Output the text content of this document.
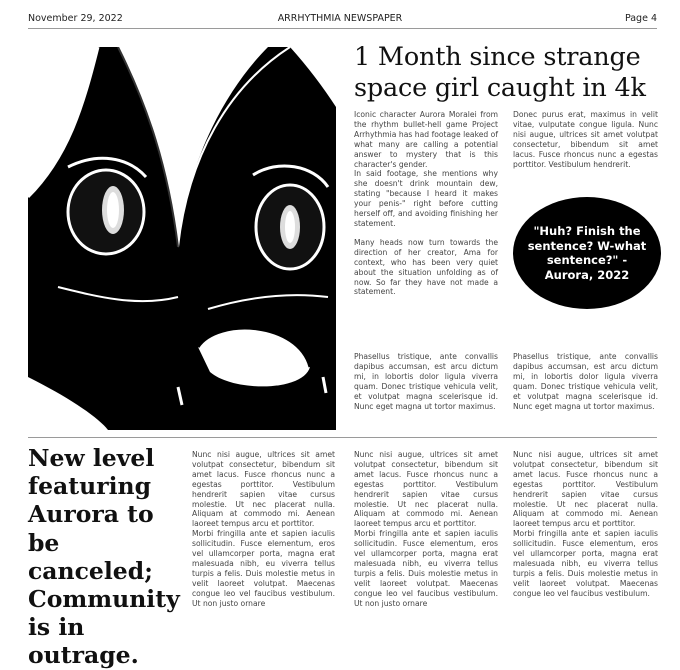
November 29, 2022	ARRHYTHMIA NEWSPAPER	Page 4
1 Month since strange space girl caught in 4k

Iconic character Aurora Moralei from the rhythm bullet-hell game Project Arrhythmia has had footage leaked of what many are calling a potential answer to mystery that is this character's gender.

In said footage, she mentions why she doesn't drink mountain dew, stating "because I heard it makes your penis-" right before cutting herself off, and avoiding finishing her statement.

Many heads now turn towards the direction of her creator, Ama for context, who has been very quiet about the situation unfolding as of now. So far they have not made a statement.

Donec purus erat, maximus in velit vitae, vulputate congue ligula. Nunc nisi augue, ultrices sit amet volutpat consectetur, bibendum sit amet lacus. Fusce rhoncus nunc a egestas porttitor. Vestibulum hendrerit.

"Huh? Finish the sentence? W-what sentence?" -Aurora, 2022

Phasellus tristique, ante convallis dapibus accumsan, est arcu dictum mi, in lobortis dolor ligula viverra quam. Donec tristique vehicula velit, et volutpat magna scelerisque id. Nunc eget magna ut tortor maximus.

Phasellus tristique, ante convallis dapibus accumsan, est arcu dictum mi, in lobortis dolor ligula viverra quam. Donec tristique vehicula velit, et volutpat magna scelerisque id. Nunc eget magna ut tortor maximus.

New level featuring Aurora to be canceled; Community is in outrage.

Nunc nisi augue, ultrices sit amet volutpat consectetur, bibendum sit amet lacus. Fusce rhoncus nunc a egestas porttitor. Vestibulum hendrerit sapien vitae cursus molestie. Ut nec placerat nulla. Aliquam at commodo mi. Aenean laoreet tempus arcu et porttitor.

Morbi fringilla ante et sapien iaculis sollicitudin. Fusce elementum, eros vel ullamcorper porta, magna erat malesuada nibh, eu viverra tellus turpis a felis. Duis molestie metus in velit laoreet volutpat. Maecenas congue leo vel faucibus vestibulum. Ut non justo ornare

Nunc nisi augue, ultrices sit amet volutpat consectetur, bibendum sit amet lacus. Fusce rhoncus nunc a egestas porttitor. Vestibulum hendrerit sapien vitae cursus molestie. Ut nec placerat nulla. Aliquam at commodo mi. Aenean laoreet tempus arcu et porttitor.

Morbi fringilla ante et sapien iaculis sollicitudin. Fusce elementum, eros vel ullamcorper porta, magna erat malesuada nibh, eu viverra tellus turpis a felis. Duis molestie metus in velit laoreet volutpat. Maecenas congue leo vel faucibus vestibulum. Ut non justo ornare

Nunc nisi augue, ultrices sit amet volutpat consectetur, bibendum sit amet lacus. Fusce rhoncus nunc a egestas porttitor. Vestibulum hendrerit sapien vitae cursus molestie. Ut nec placerat nulla. Aliquam at commodo mi. Aenean laoreet tempus arcu et porttitor.

Morbi fringilla ante et sapien iaculis sollicitudin. Fusce elementum, eros vel ullamcorper porta, magna erat malesuada nibh, eu viverra tellus turpis a felis. Duis molestie metus in velit laoreet volutpat. Maecenas congue leo vel faucibus vestibulum.
